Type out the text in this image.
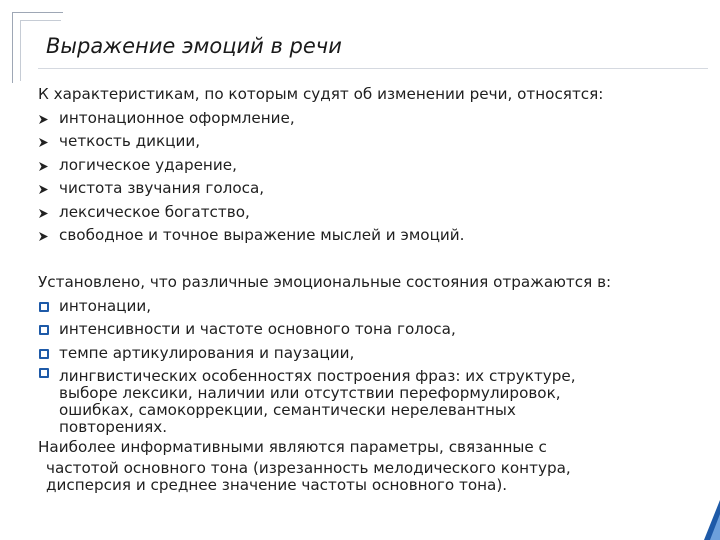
Выражение эмоций в речи
К характеристикам, по которым судят об изменении речи, относятся:
интонационное оформление,
четкость дикции,
логическое ударение,
чистота звучания голоса,
лексическое богатство,
свободное и точное выражение мыслей и эмоций.
Установлено, что различные эмоциональные состояния отражаются в:
интонации,
интенсивности и частоте основного тона голоса,
темпе артикулирования и паузации,
лингвистических особенностях построения фраз: их структуре,
выборе лексики, наличии или отсутствии переформулировок,
ошибках, самокоррекции, семантически нерелевантных
повторениях.
Наиболее информативными являются параметры, связанные с
частотой основного тона (изрезанность мелодического контура,
дисперсия и среднее значение частоты основного тона).
